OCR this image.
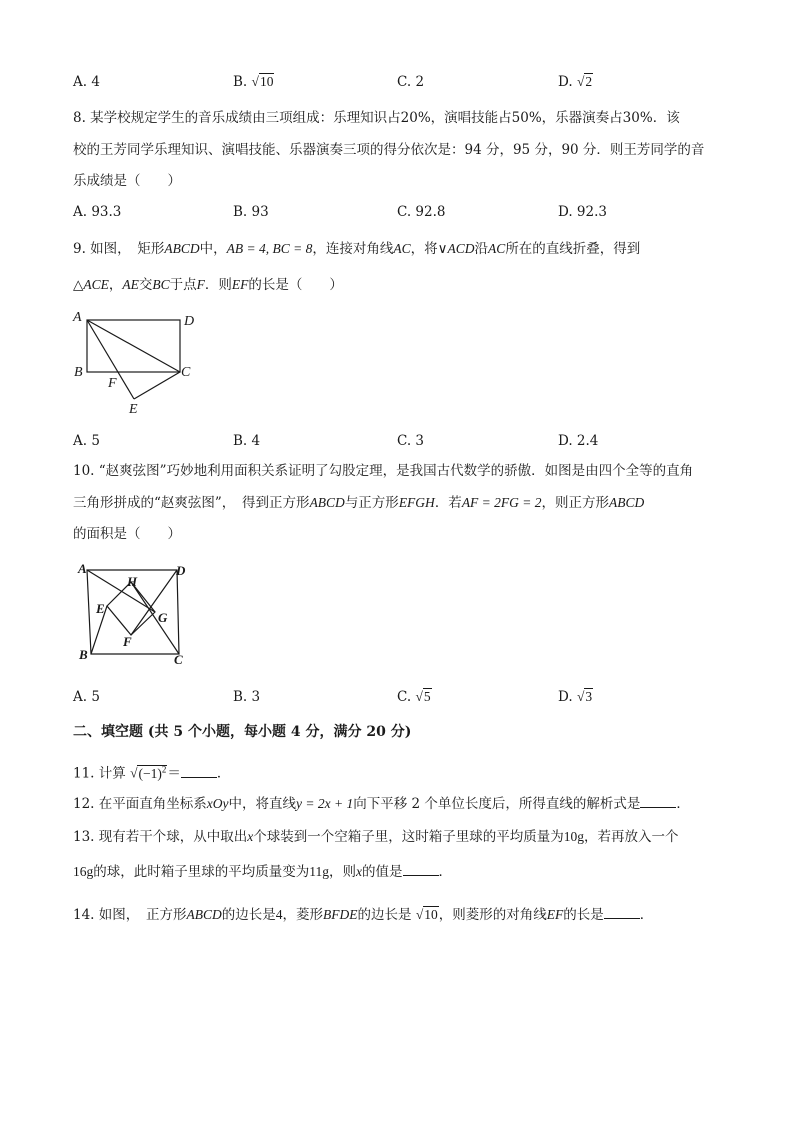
A. 4	B. √10	C. 2	D. √2
8. 某学校规定学生的音乐成绩由三项组成：乐理知识占20%，演唱技能占50%，乐器演奏占30%．该
校的王芳同学乐理知识、演唱技能、乐器演奏三项的得分依次是：94 分，95 分，90 分．则王芳同学的音
乐成绩是（　　）
A. 93.3	B. 93	C. 92.8	D. 92.3
9. 如图，　矩形ABCD中，AB = 4, BC = 8，连接对角线AC，将∨ACD沿AC所在的直线折叠，得到
△ACE，AE交BC于点F．则EF的长是（　　）
A	D
B	C
F
E
A. 5	B. 4	C. 3	D. 2.4
10. “赵爽弦图”巧妙地利用面积关系证明了勾股定理，是我国古代数学的骄傲．如图是由四个全等的直角
三角形拼成的“赵爽弦图”，　得到正方形ABCD与正方形EFGH．若AF = 2FG = 2，则正方形ABCD
的面积是（　　）
A	D
H
E
G
F
B	C
A. 5	B. 3	C. √5	D. √3
二、填空题 (共 5 个小题，每小题 4 分，满分 20 分)
11. 计算 $√(-1)^2=$	．
12. 在平面直角坐标系xOy中，将直线y = 2x + 1向下平移 2 个单位长度后，所得直线的解析式是	．
13. 现有若干个球，从中取出x个球装到一个空箱子里，这时箱子里球的平均质量为10g，若再放入一个
16g的球，此时箱子里球的平均质量变为11g，则x的值是	．
14. 如图，　正方形ABCD的边长是4，菱形BFDE的边长是 √10，则菱形的对角线EF的长是	．
